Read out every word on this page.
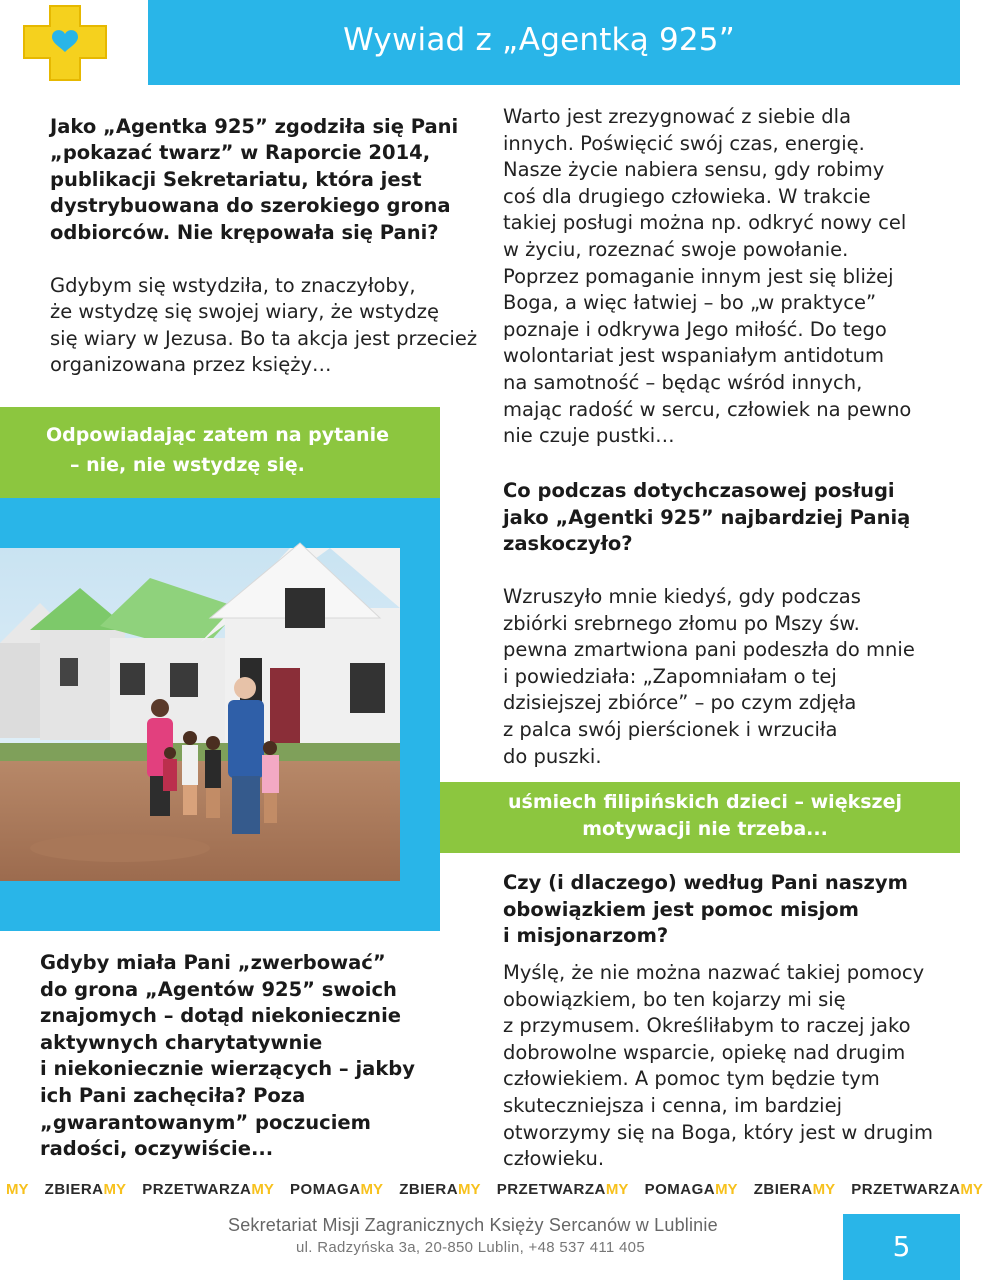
Wywiad z „Agentką 925”
Jako „Agentka 925” zgodziła się Pani
„pokazać twarz” w Raporcie 2014,
publikacji Sekretariatu, która jest
dystrybuowana do szerokiego grona
odbiorców. Nie krępowała się Pani?
Gdybym się wstydziła, to znaczyłoby,
że wstydzę się swojej wiary, że wstydzę
się wiary w Jezusa. Bo ta akcja jest przecież
organizowana przez księży…
Odpowiadając zatem na pytanie
– nie, nie wstydzę się.
Gdyby miała Pani „zwerbować”
do grona „Agentów 925” swoich
znajomych – dotąd niekoniecznie
aktywnych charytatywnie
i niekoniecznie wierzących – jakby
ich Pani zachęciła? Poza
„gwarantowanym” poczuciem
radości, oczywiście...
Warto jest zrezygnować z siebie dla
innych. Poświęcić swój czas, energię.
Nasze życie nabiera sensu, gdy robimy
coś dla drugiego człowieka. W trakcie
takiej posługi można np. odkryć nowy cel
w życiu, rozeznać swoje powołanie.
Poprzez pomaganie innym jest się bliżej
Boga, a więc łatwiej – bo „w praktyce”
poznaje i odkrywa Jego miłość. Do tego
wolontariat jest wspaniałym antidotum
na samotność – będąc wśród innych,
mając radość w sercu, człowiek na pewno
nie czuje pustki…
Co podczas dotychczasowej posługi
jako „Agentki 925” najbardziej Panią
zaskoczyło?
Wzruszyło mnie kiedyś, gdy podczas
zbiórki srebrnego złomu po Mszy św.
pewna zmartwiona pani podeszła do mnie
i powiedziała: „Zapomniałam o tej
dzisiejszej zbiórce” – po czym zdjęła
z palca swój pierścionek i wrzuciła
do puszki.
uśmiech filipińskich dzieci – większej
motywacji nie trzeba...
Czy (i dlaczego) według Pani naszym
obowiązkiem jest pomoc misjom
i misjonarzom?
Myślę, że nie można nazwać takiej pomocy
obowiązkiem, bo ten kojarzy mi się
z przymusem. Określiłabym to raczej jako
dobrowolne wsparcie, opiekę nad drugim
człowiekiem. A pomoc tym będzie tym
skuteczniejsza i cenna, im bardziej
otworzymy się na Boga, który jest w drugim
człowieku.
MY ZBIERAMY PRZETWARZAMY POMAGAMY ZBIERAMY PRZETWARZAMY POMAGAMY ZBIERAMY PRZETWARZAMY
Sekretariat Misji Zagranicznych Księży Sercanów w Lublinie
ul. Radzyńska 3a, 20-850 Lublin, +48 537 411 405	5
